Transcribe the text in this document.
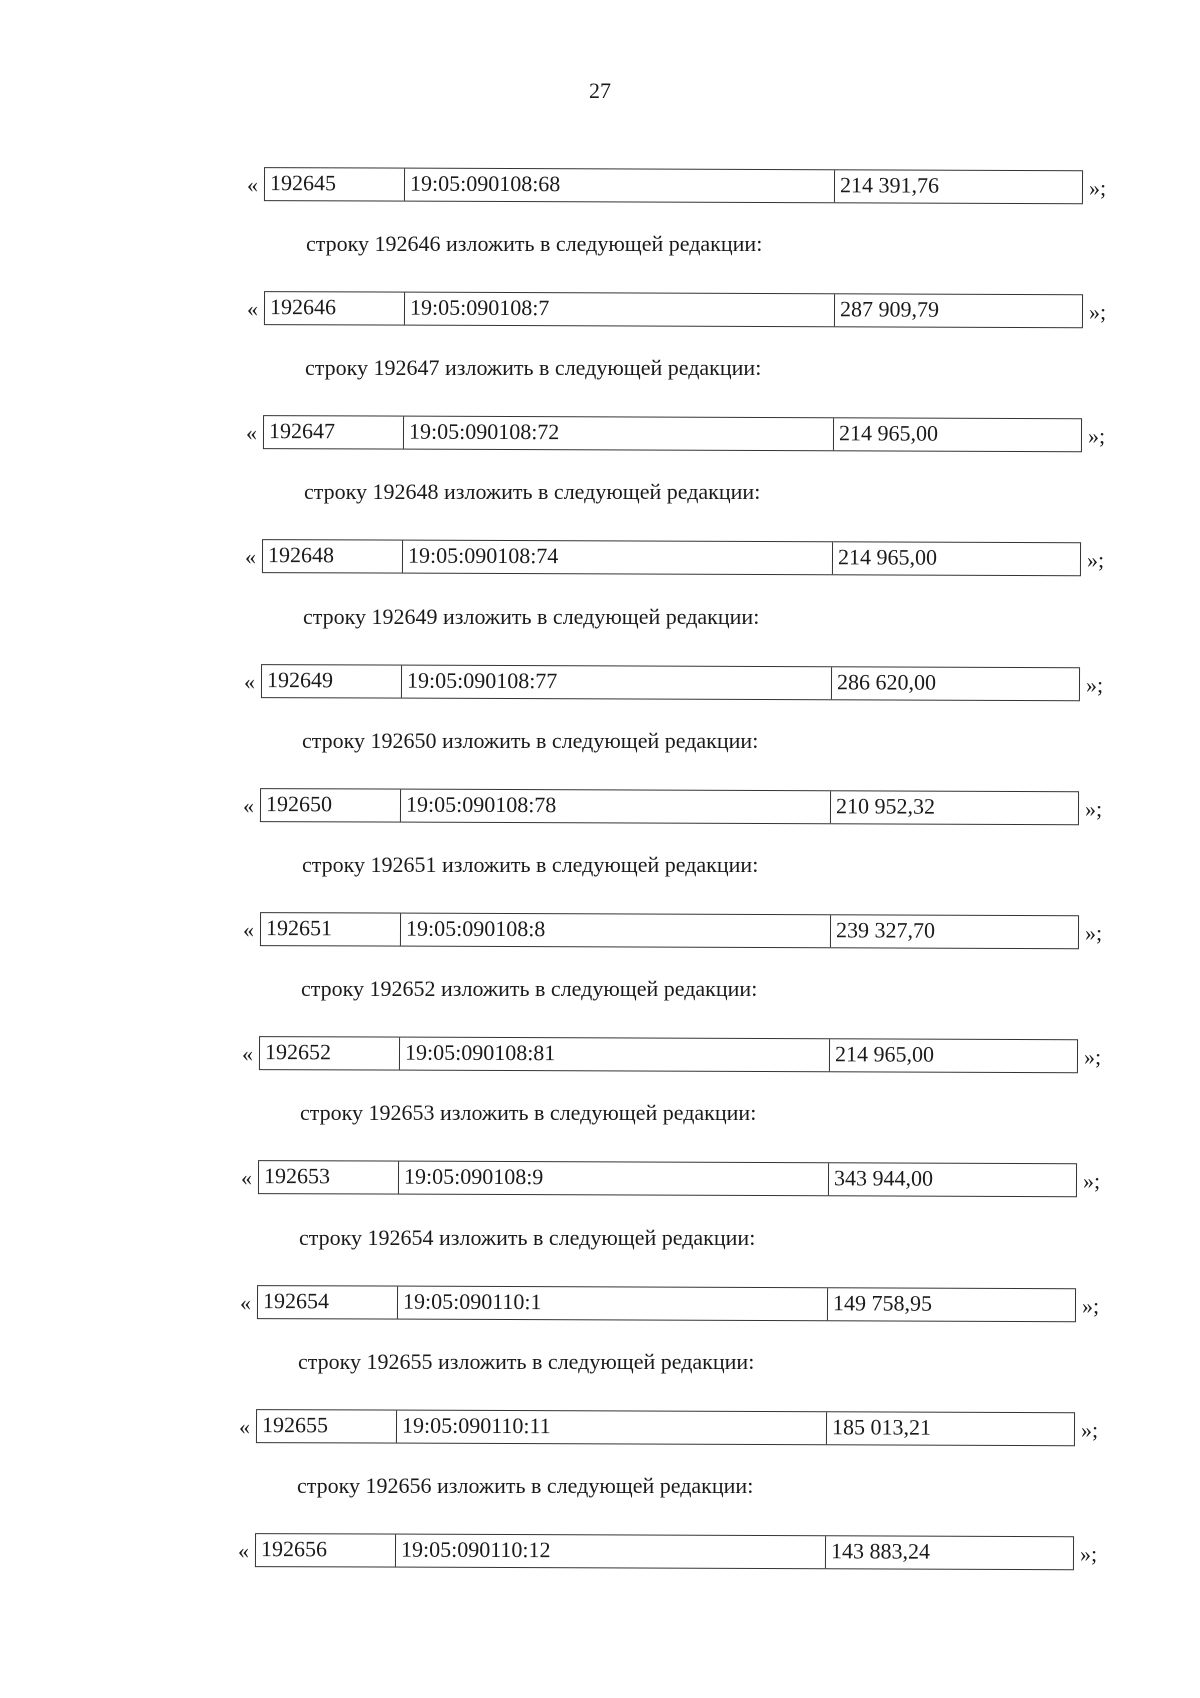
27
« 192645	19:05:090108:68	214 391,76	»;
строку 192646 изложить в следующей редакции:
« 192646	19:05:090108:7	287 909,79	»;
строку 192647 изложить в следующей редакции:
« 192647	19:05:090108:72	214 965,00	»;
строку 192648 изложить в следующей редакции:
« 192648	19:05:090108:74	214 965,00	»;
строку 192649 изложить в следующей редакции:
« 192649	19:05:090108:77	286 620,00	»;
строку 192650 изложить в следующей редакции:
« 192650	19:05:090108:78	210 952,32	»;
строку 192651 изложить в следующей редакции:
« 192651	19:05:090108:8	239 327,70	»;
строку 192652 изложить в следующей редакции:
« 192652	19:05:090108:81	214 965,00	»;
строку 192653 изложить в следующей редакции:
« 192653	19:05:090108:9	343 944,00	»;
строку 192654 изложить в следующей редакции:
« 192654	19:05:090110:1	149 758,95	»;
строку 192655 изложить в следующей редакции:
« 192655	19:05:090110:11	185 013,21	»;
строку 192656 изложить в следующей редакции:
« 192656	19:05:090110:12	143 883,24	»;
